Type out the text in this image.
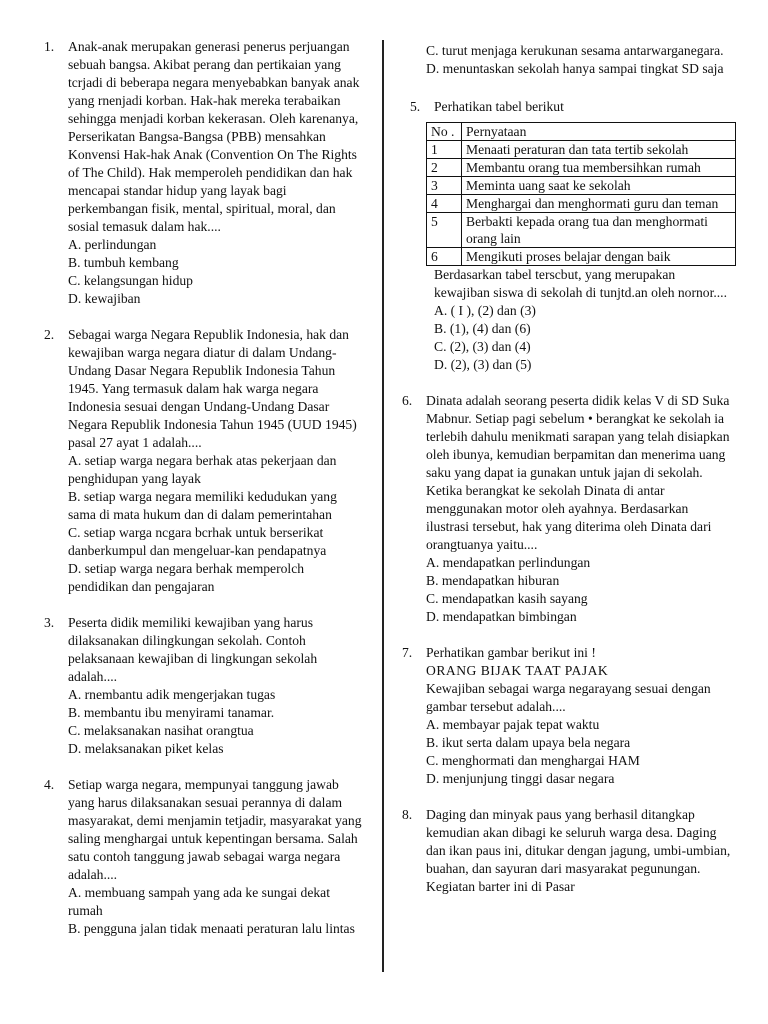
1. Anak-anak merupakan generasi penerus perjuangan sebuah bangsa. Akibat perang dan pertikaian yang tcrjadi di beberapa negara menyebabkan banyak anak yang rnenjadi korban. Hak-hak mereka terabaikan sehingga menjadi korban kekerasan. Oleh karenanya, Perserikatan Bangsa-Bangsa (PBB) mensahkan Konvensi Hak-hak Anak (Convention On The Rights of The Child). Hak memperoleh pendidikan dan hak mencapai standar hidup yang layak bagi perkembangan fisik, mental, spiritual, moral, dan sosial temasuk dalam hak....

A. perlindungan
B. tumbuh kembang
C. kelangsungan hidup
D. kewajiban
2. Sebagai warga Negara Republik Indonesia, hak dan kewajiban warga negara diatur di dalam Undang-Undang Dasar Negara Republik Indonesia Tahun 1945. Yang termasuk dalam hak warga negara Indonesia sesuai dengan Undang-Undang Dasar Negara Republik Indonesia Tahun 1945 (UUD 1945) pasal 27 ayat 1 adalah....

A. setiap warga negara berhak atas pekerjaan dan penghidupan yang layak
B. setiap warga negara memiliki kedudukan yang sama di mata hukum dan di dalam pemerintahan
C. setiap warga ncgara bcrhak untuk berserikat danberkumpul dan mengeluar-kan pendapatnya
D. setiap warga negara berhak memperolch pendidikan dan pengajaran
3. Peserta didik memiliki kewajiban yang harus dilaksanakan dilingkungan sekolah. Contoh pelaksanaan kewajiban di lingkungan sekolah adalah....

A. rnembantu adik mengerjakan tugas
B. membantu ibu menyirami tanamar.
C. melaksanakan nasihat orangtua
D. melaksanakan piket kelas
4. Setiap warga negara, mempunyai tanggung jawab yang harus dilaksanakan sesuai perannya di dalam masyarakat, demi menjamin tetjadir, masyarakat yang saling menghargai untuk kepentingan bersama. Salah satu contoh tanggung jawab sebagai warga negara adalah....

A. membuang sampah yang ada ke sungai dekat rumah
B. pengguna jalan tidak menaati peraturan lalu lintas
C. turut menjaga kerukunan sesama antarwarganegara.
D. menuntaskan sekolah hanya sampai tingkat SD saja
5. Perhatikan tabel berikut

No .	Pernyataan
1	Menaati peraturan dan tata tertib sekolah
2	Membantu orang tua membersihkan rumah
3	Meminta uang saat ke sekolah
4	Menghargai dan menghormati guru dan teman
5	Berbakti kepada orang tua dan menghormati orang lain
6	Mengikuti proses belajar dengan baik

Berdasarkan tabel terscbut, yang merupakan kewajiban siswa di sekolah di tunjtd.an oleh nornor....

A. ( I ), (2) dan (3)
B. (1), (4) dan (6)
C. (2), (3) dan (4)
D. (2), (3) dan (5)
6. Dinata adalah seorang peserta didik kelas V di SD Suka Mabnur. Setiap pagi sebelum • berangkat ke sekolah ia terlebih dahulu menikmati sarapan yang telah disiapkan oleh ibunya, kemudian berpamitan dan menerima uang saku yang dapat ia gunakan untuk jajan di sekolah. Ketika berangkat ke sekolah Dinata di antar menggunakan motor oleh ayahnya. Berdasarkan ilustrasi tersebut, hak yang diterima oleh Dinata dari orangtuanya yaitu....

A. mendapatkan perlindungan
B. mendapatkan hiburan
C. mendapatkan kasih sayang
D. mendapatkan bimbingan
7. Perhatikan gambar berikut ini !

ORANG BIJAK TAAT PAJAK

Kewajiban sebagai warga negarayang sesuai dengan gambar tersebut adalah....

A. membayar pajak tepat waktu
B. ikut serta dalam upaya bela negara
C. menghormati dan menghargai HAM
D. menjunjung tinggi dasar negara
8. Daging dan minyak paus yang berhasil ditangkap kemudian akan dibagi ke seluruh warga desa. Daging dan ikan paus ini, ditukar dengan jagung, umbi-umbian, buahan, dan sayuran dari masyarakat pegunungan. Kegiatan barter ini di Pasar
